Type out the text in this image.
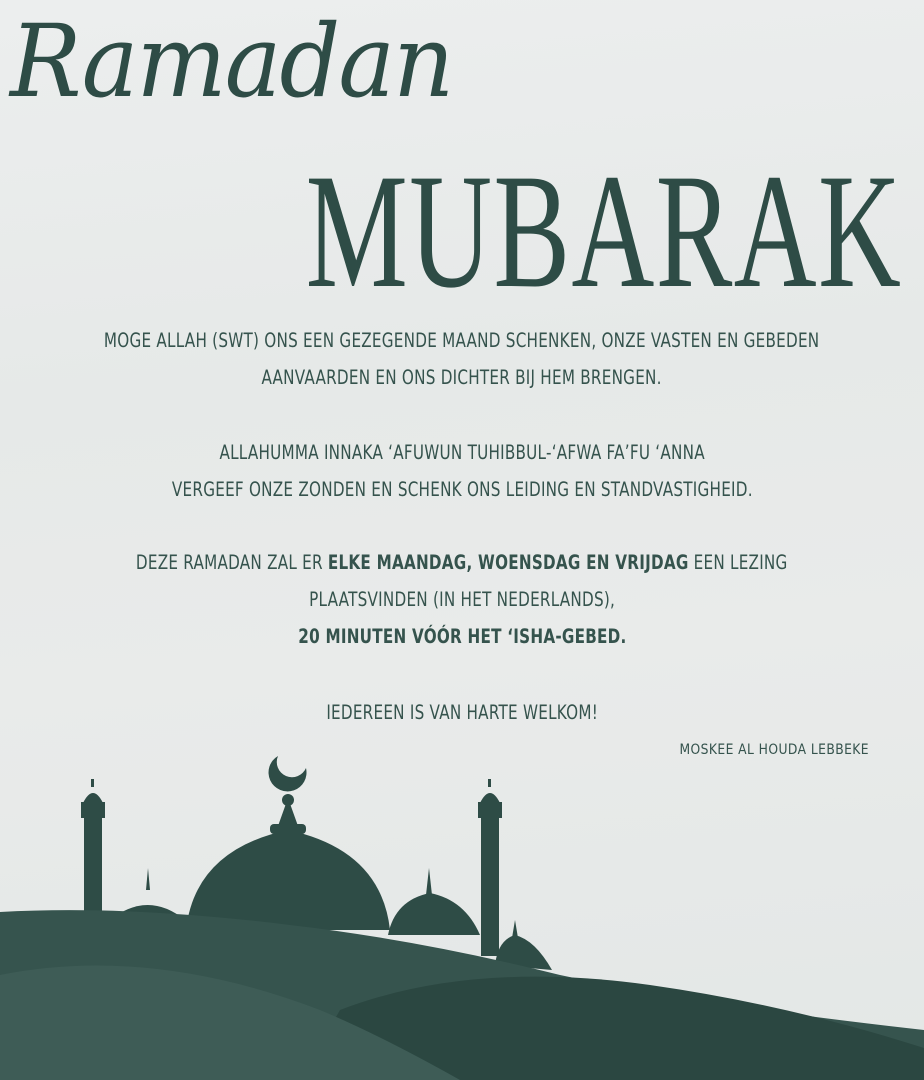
Ramadan
MUBARAK
MOGE ALLAH (SWT) ONS EEN GEZEGENDE MAAND SCHENKEN, ONZE VASTEN EN GEBEDEN
AANVAARDEN EN ONS DICHTER BIJ HEM BRENGEN.
ALLAHUMMA INNAKA ‘AFUWUN TUHIBBUL-‘AFWA FA’FU ‘ANNA
VERGEEF ONZE ZONDEN EN SCHENK ONS LEIDING EN STANDVASTIGHEID.
DEZE RAMADAN ZAL ER ELKE MAANDAG, WOENSDAG EN VRIJDAG EEN LEZING
PLAATSVINDEN (IN HET NEDERLANDS),
20 MINUTEN VÓÓR HET ‘ISHA-GEBED.
IEDEREEN IS VAN HARTE WELKOM!
MOSKEE AL HOUDA LEBBEKE
